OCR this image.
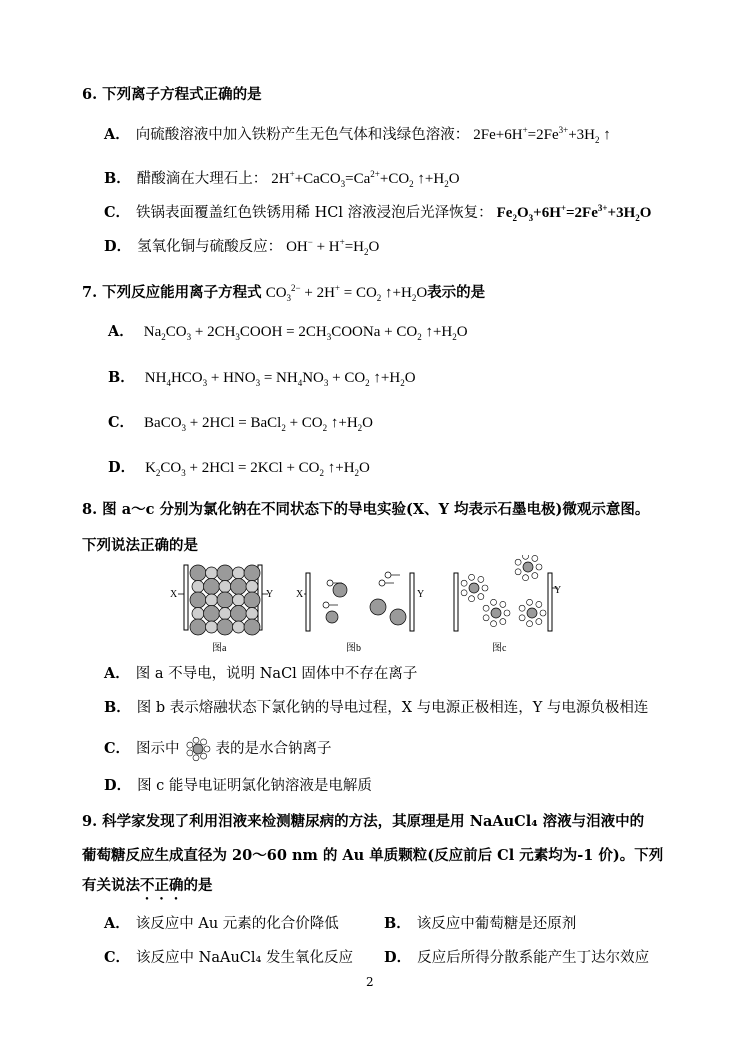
6. 下列离子方程式正确的是
A． 向硫酸溶液中加入铁粉产生无色气体和浅绿色溶液： $2Fe+6H^+=2Fe^{3+}+3H_2$ ↑
B． 醋酸滴在大理石上： $2H^++CaCO_3=Ca^{2+}+CO_2$ $↑+H_2O$
C． 铁锅表面覆盖红色铁锈用稀 HCl 溶液浸泡后光泽恢复： $Fe_2O_3+6H^+=2Fe^{3+}+3H_2O$
D． 氢氧化铜与硫酸反应： $OH^- + H^+=H_2O$
7. 下列反应能用离子方程式 $CO_3^{2-} + 2H^+ = CO_2$ $↑+H_2O$表示的是
A． $Na_2CO_3$ + $2CH_3COOH$ = $2CH_3COONa + CO_2$ $↑+H_2O$
B． $NH_4HCO_3 + HNO_3 = NH_4NO_3 + CO_2$ $↑+H_2O$
C． BaCO$_3$ + 2HCl = BaCl$_2$ + $CO_2$ $↑+H_2O$
D． $K_2CO_3 + 2HCl = 2KCl + CO_2$ $↑+H_2O$
8. 图 a～c 分别为氯化钠在不同状态下的导电实验(X、Y 均表示石墨电极)微观示意图。
下列说法正确的是
X	Y
图a
X	Y
图b
Y
图c
A． 图 a 不导电，说明 NaCl 固体中不存在离子
B． 图 b 表示熔融状态下氯化钠的导电过程，X 与电源正极相连，Y 与电源负极相连
C． 图示中 表的是水合钠离子
D． 图 c 能导电证明氯化钠溶液是电解质
9. 科学家发现了利用泪液来检测糖尿病的方法，其原理是用 NaAuCl₄ 溶液与泪液中的
葡萄糖反应生成直径为 20～60 nm 的 Au 单质颗粒(反应前后 Cl 元素均为-1 价)。下列
有关说法不正确的是
A． 该反应中 Au 元素的化合价降低	B． 该反应中葡萄糖是还原剂
C． 该反应中 NaAuCl₄ 发生氧化反应 D． 反应后所得分散系能产生丁达尔效应
2
